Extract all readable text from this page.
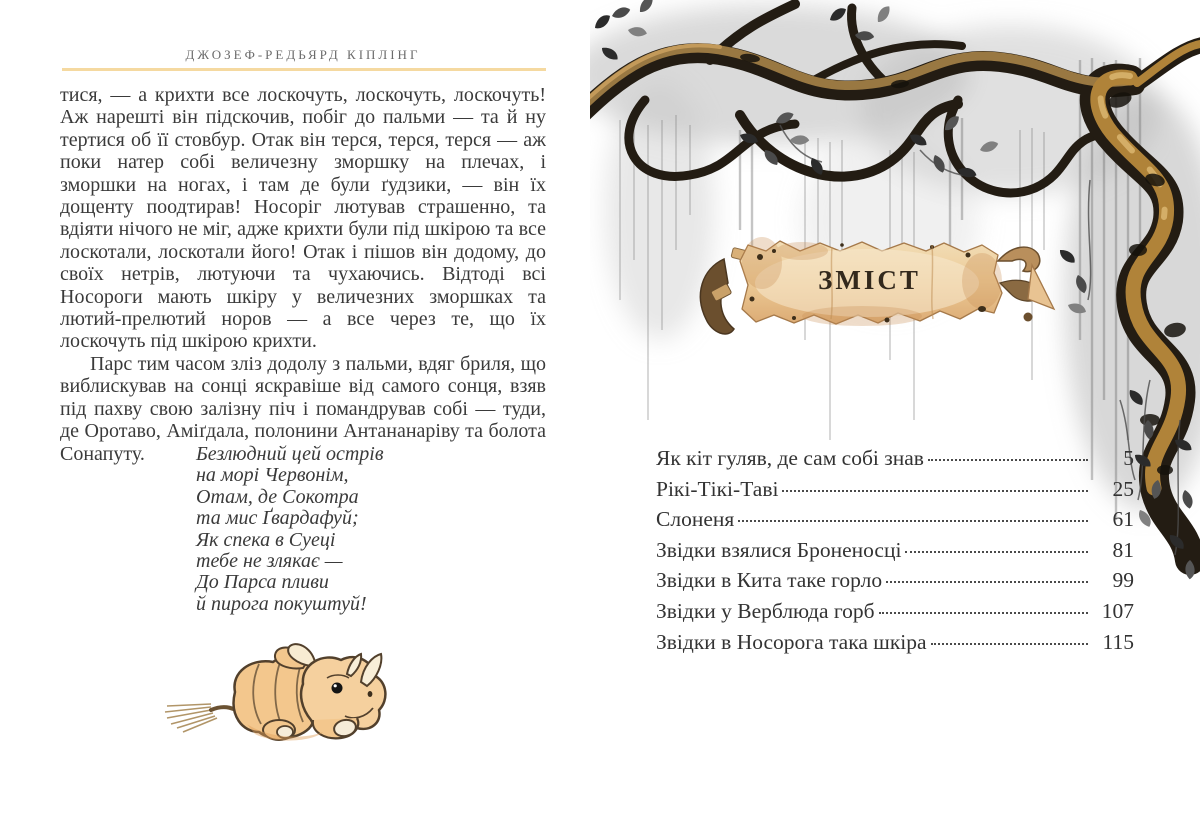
ДЖОЗЕФ-РЕДЬЯРД КІПЛІНГ

тися, — а крихти все лоскочуть, лоскочуть, лоскочуть! Аж нарешті він підскочив, побіг до пальми — та й ну тертися об її стовбур. Отак він терся, терся, терся — аж поки натер собі величезну зморшку на плечах, і зморшки на ногах, і там де були ґудзики, — він їх дощенту поодтирав! Носоріг лютував страшенно, та вдіяти нічого не міг, адже крихти були під шкірою та все лоскотали, лоскотали його! Отак і пішов він додому, до своїх нетрів, лютуючи та чухаючись. Відтоді всі Носороги мають шкіру у величезних зморшках та лютий-прелютий норов — а все через те, що їх лоскочуть під шкірою крихти.

Парс тим часом зліз додолу з пальми, вдяг бриля, що виблискував на сонці яскравіше від самого сонця, взяв під пахву свою залізну піч і помандрував собі — туди, де Оротаво, Аміґдала, полонини Антананаріву та болота Сонапуту.	Безлюдний цей острів
на морі Червонім,
Отам, де Сокотра
та мис Ґвардафуй;
Як спека в Суеці
тебе не злякає —
До Парса пливи
й пирога покуштуй!
ЗМІСТ
Як кіт гуляв, де сам собі знав	5
Рікі-Тікі-Таві	25
Слоненя	61
Звідки взялися Броненосці	81
Звідки в Кита таке горло	99
Звідки у Верблюда горб	107
Звідки в Носорога така шкіра	115
